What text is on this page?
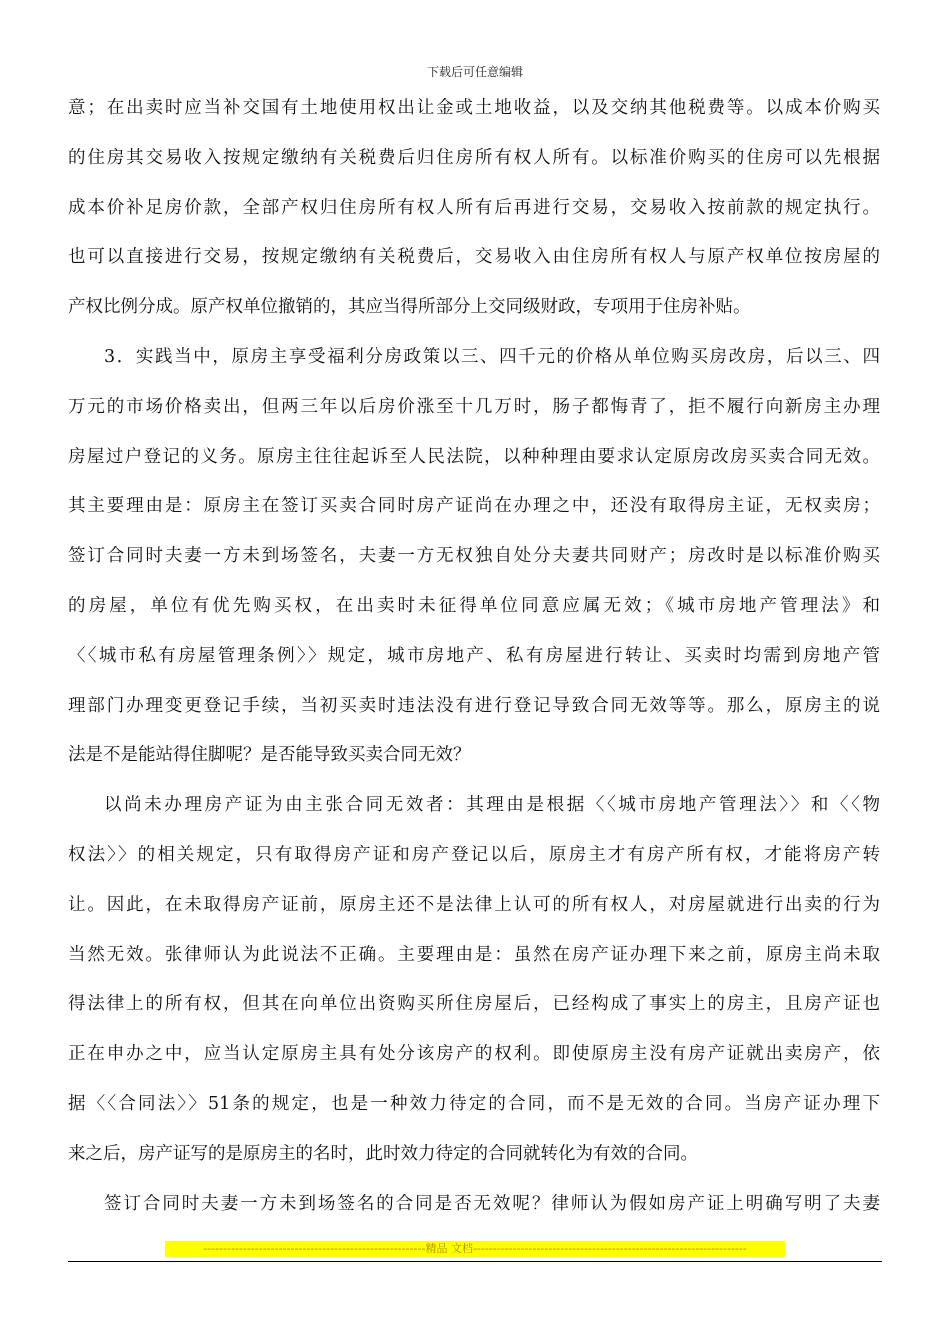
下载后可任意编辑
意；在出卖时应当补交国有土地使用权出让金或土地收益，以及交纳其他税费等。以成本价购买
的住房其交易收入按规定缴纳有关税费后归住房所有权人所有。以标准价购买的住房可以先根据
成本价补足房价款，全部产权归住房所有权人所有后再进行交易，交易收入按前款的规定执行。
也可以直接进行交易，按规定缴纳有关税费后，交易收入由住房所有权人与原产权单位按房屋的
产权比例分成。原产权单位撤销的，其应当得所部分上交同级财政，专项用于住房补贴。
3．实践当中，原房主享受福利分房政策以三、四千元的价格从单位购买房改房，后以三、四
万元的市场价格卖出，但两三年以后房价涨至十几万时，肠子都悔青了，拒不履行向新房主办理
房屋过户登记的义务。原房主往往起诉至人民法院，以种种理由要求认定原房改房买卖合同无效。
其主要理由是：原房主在签订买卖合同时房产证尚在办理之中，还没有取得房主证，无权卖房；
签订合同时夫妻一方未到场签名，夫妻一方无权独自处分夫妻共同财产；房改时是以标准价购买
的房屋，单位有优先购买权，在出卖时未征得单位同意应属无效；《城市房地产管理法》和
〈〈城市私有房屋管理条例〉〉规定，城市房地产、私有房屋进行转让、买卖时均需到房地产管
理部门办理变更登记手续，当初买卖时违法没有进行登记导致合同无效等等。那么，原房主的说
法是不是能站得住脚呢？是否能导致买卖合同无效？
以尚未办理房产证为由主张合同无效者：其理由是根据〈〈城市房地产管理法〉〉和〈〈物
权法〉〉的相关规定，只有取得房产证和房产登记以后，原房主才有房产所有权，才能将房产转
让。因此，在未取得房产证前，原房主还不是法律上认可的所有权人，对房屋就进行出卖的行为
当然无效。张律师认为此说法不正确。主要理由是：虽然在房产证办理下来之前，原房主尚未取
得法律上的所有权，但其在向单位出资购买所住房屋后，已经构成了事实上的房主，且房产证也
正在申办之中，应当认定原房主具有处分该房产的权利。即使原房主没有房产证就出卖房产，依
据〈〈合同法〉〉51条的规定，也是一种效力待定的合同，而不是无效的合同。当房产证办理下
来之后，房产证写的是原房主的名时，此时效力待定的合同就转化为有效的合同。
签订合同时夫妻一方未到场签名的合同是否无效呢？律师认为假如房产证上明确写明了夫妻
--------------------------------------------------------精品 文档---------------------------------------------------------------------
